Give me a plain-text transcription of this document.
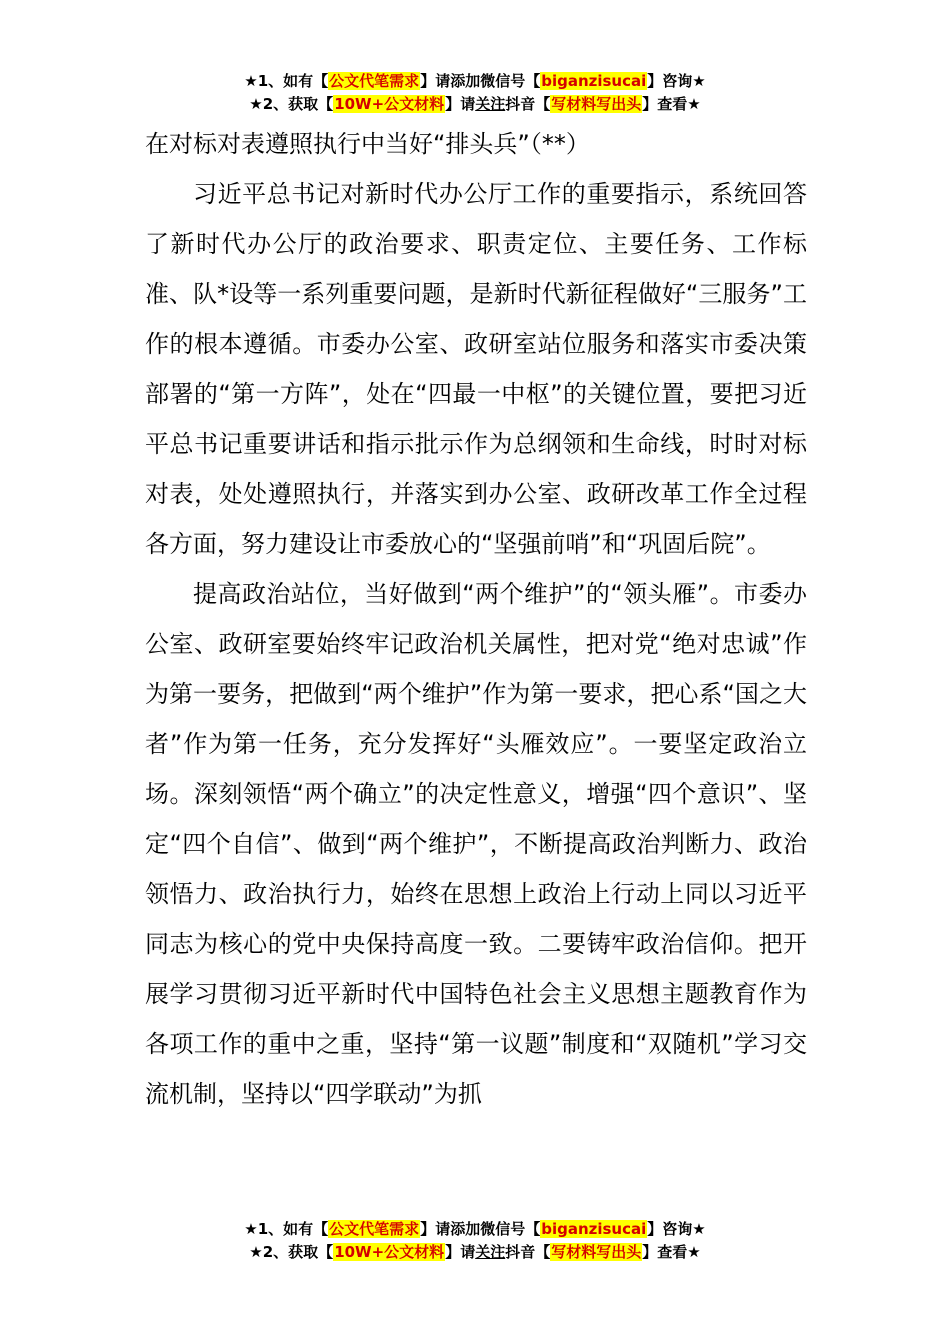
★1、如有【公文代笔需求】请添加微信号【biganzisucai】咨询★
★2、获取【10W+公文材料】请关注抖音【写材料写出头】查看★

在对标对表遵照执行中当好“排头兵”（**）

习近平总书记对新时代办公厅工作的重要指示，系统回答了新时代办公厅的政治要求、职责定位、主要任务、工作标准、队*设等一系列重要问题，是新时代新征程做好“三服务”工作的根本遵循。市委办公室、政研室站位服务和落实市委决策部署的“第一方阵”，处在“四最一中枢”的关键位置，要把习近平总书记重要讲话和指示批示作为总纲领和生命线，时时对标对表，处处遵照执行，并落实到办公室、政研改革工作全过程各方面，努力建设让市委放心的“坚强前哨”和“巩固后院”。

提高政治站位，当好做到“两个维护”的“领头雁”。市委办公室、政研室要始终牢记政治机关属性，把对党“绝对忠诚”作为第一要务，把做到“两个维护”作为第一要求，把心系“国之大者”作为第一任务，充分发挥好“头雁效应”。一要坚定政治立场。深刻领悟“两个确立”的决定性意义，增强“四个意识”、坚定“四个自信”、做到“两个维护”，不断提高政治判断力、政治领悟力、政治执行力，始终在思想上政治上行动上同以习近平同志为核心的党中央保持高度一致。二要铸牢政治信仰。把开展学习贯彻习近平新时代中国特色社会主义思想主题教育作为各项工作的重中之重，坚持“第一议题”制度和“双随机”学习交流机制，坚持以“四学联动”为抓

★1、如有【公文代笔需求】请添加微信号【biganzisucai】咨询★
★2、获取【10W+公文材料】请关注抖音【写材料写出头】查看★
